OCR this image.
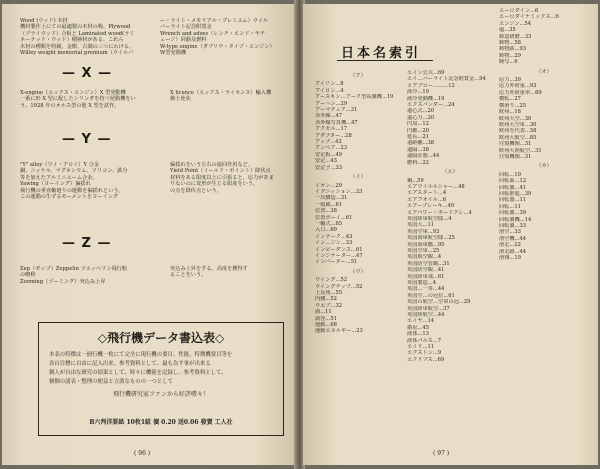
Wood (ウッド) 木材
機材製作上にての最適製の木材の称。Plywood
（プライウッド）合板と Laminated wood(ラミ
ネーテッド・ウッド）積層材がある。これら
木材の種類を特級、金額、古調の三つにわける。
Willey weight memorial premium（ウイルバ
ー・ライト・メモリアル・プレミユム）ウイル
バーライト記念附賞金
Wrench and adzes（レンチ・エンド・ヤチ
ェージ）回路及燃料
W-type engine（ダブリウ・タイプ・エンジン）
W型発動機
— X —
X-engine（エックス・エンジン）X 型発動機
一番に形 X 型に配したシリンダを持つ発動機をい
う。1928 年ロオルス型の他 X 型を試作。
X licence（エックス・ライセンス）輸入機
操士免状
— Y —
"Y" alloy（ワイ・アロイ）Y 合金
銅、ニッケル、マグネシウム、ソリコン、鉄分
等を加えたアルミニユーム合金。
Yawing（ヨーイング）偏揺れ
飛行機の垂直軸廻りの運動を偏揺れという。
この運動の生ずるモーメントをヨーイング
偏揺れをいう左右の旋回作用など。
Yield Point（イールド・ポイント）降伏点
材料をある限度以上に引張ると，応力があま
りないのに変形が生じる限度をいう。
の点を降伏点という。
— Z —
Zep（ゼップ）Zeppelin ツエッペリン飛行船
の略称
Zooming（ヅーミング）突込み上昇
突込み上昇をする。高度を獲得す
ることをいう。
◇飛行機データ書込表◇
本表の特徴は一冊行機一枚にて完全に現行機の要目、性能、特徴機要目等を
各自目標に自由に記入出来、参考資料として、最も為す事が出来る
個人が自由な研究の結果として、時々に機能を記録し、参考資料として、
個個の諸表・整理の便益と立派なものの一つとして
飛行機研究家ファンから好評嘖々！
B六判洋罫紙 10枚1組 價 0.20 送0.06 發賣 工人社
( 96 )
日本名索引
（ア）
アイリン...8
アイロン...4
アースキン…アーク型高翼機...19
アーヘン...29
アーマチュア...31
赤外線...47
赤外線写真機...47
アクセル...17
アダプター...28
アップ...42
アンペア...23
安定板...49
安定...43
安定子...33
（イ）
イオン...29
イグニッション...33
一次構造...31
一般風...61
位置...38
位置ボーイ...61
一軸式...65
入口...69
インテーク...43
イン…ジン...33
インピーダンス...61
インジケーター...47
インバーター...51
（ウ）
ウイング...52
ウイングチップ...52
上反角...55
内側...52
ウエブ...32
渦...11
渦巻...51
運動...68
運動エネルギー...23
エイン公式...69
エイ…バーライト記念附賞金...94
エアブロー……...12
液冷...19
液冷発動機...19
エクスパンダー...24
遠心式...20
遠心力...20
円周...12
円錐...20
延長...21
遠距離...38
遠隔...38
遠隔計器...44
燃料...22
（エ）
鋼...59
エアウイルルシャー...48
エアスタート...4
エアフオイル...6
エアーブレーキ...49
エアパワー・ボードクレ...4
英国陸軍航空隊...4
英国大...11
英国空軍...93
英国海軍航空隊...25
英国海軍鑑...95
英国空軍...25
英国航空観...4
英国防空管観...31
英国防空観...41
英国陸軍飛...61
英国製造...4
英国…一等...44
英国空…の冠位...61
英国の航空…空軍の冠...29
英国陸軍航空...37
英国陸航空...44
エイヤ...14
衛星...45
液体...13
液体パルス...7
エイリ...11
エクストン...9
エクリプス...69
エーロダイン...6
エーロダイナミックス...6
エンジン...54
塩...35
鋳造研磨...33
鋳物...58
鋳物鉄...93
鋳物...29
映写...6
（オ）
応力...39
応力外荷重...93
応力外荷重率...69
横転...27
横滑り...25
欧州...18
欧州大空...30
欧州大空軍...30
欧州を代表...58
欧州大航空...85
往復機関...31
欧州大陸航空...31
往復機関...31
（カ）
回転...10
回転面...12
回転翼...41
回転推進...39
回転器...11
回転...11
回転翼...39
回転翼機...14
回転翼...33
滑空...33
滑空機...44
滑走...22
滑走路...44
滑翔...19
( 97 )
